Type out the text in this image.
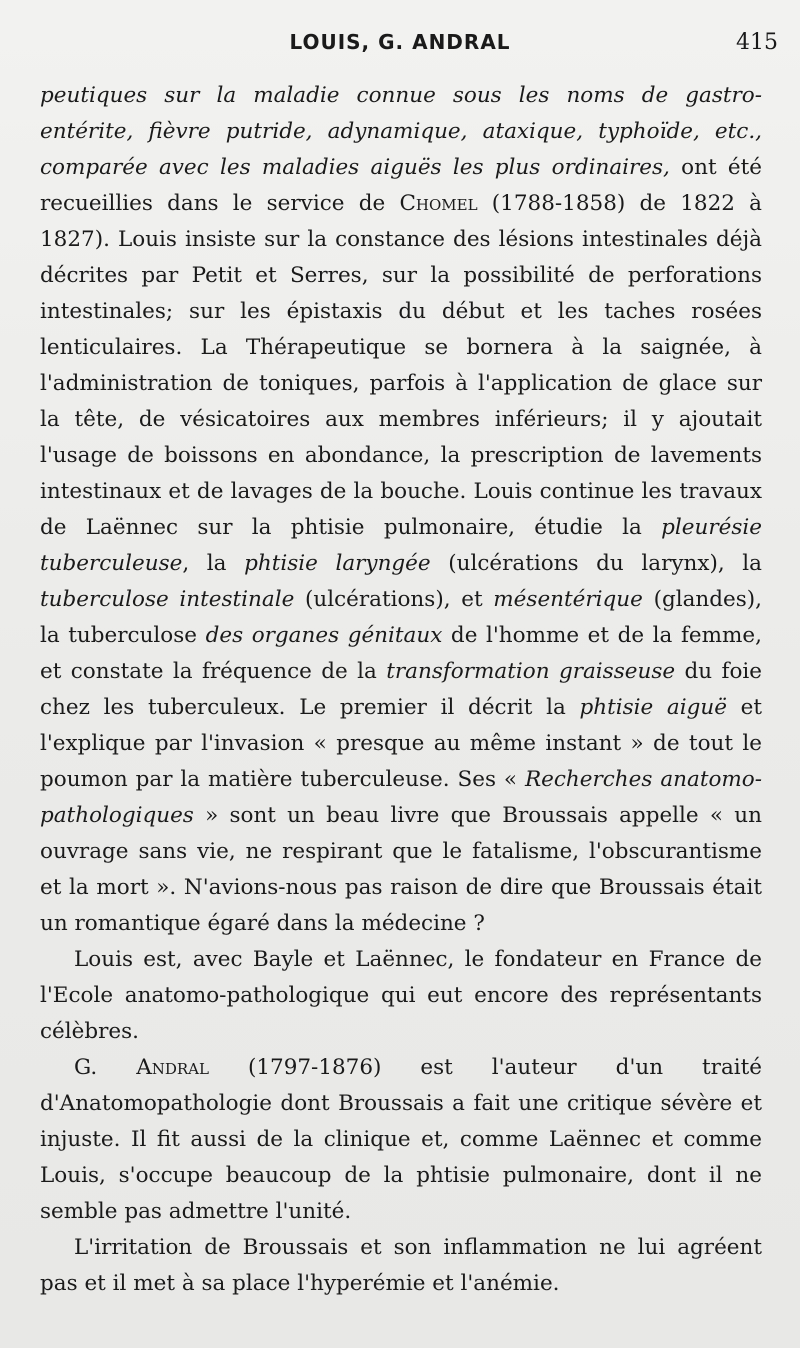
LOUIS, G. ANDRAL	415

peutiques sur la maladie connue sous les noms de gastro-entérite, fièvre putride, adynamique, ataxique, typhoïde, etc., comparée avec les maladies aiguës les plus ordinaires, ont été recueillies dans le service de Chomel (1788-1858) de 1822 à 1827). Louis insiste sur la constance des lésions intestinales déjà décrites par Petit et Serres, sur la possibilité de perforations intestinales; sur les épistaxis du début et les taches rosées lenticulaires. La Thérapeutique se bornera à la saignée, à l'administration de toniques, parfois à l'application de glace sur la tête, de vésicatoires aux membres inférieurs; il y ajoutait l'usage de boissons en abondance, la prescription de lavements intestinaux et de lavages de la bouche. Louis continue les travaux de Laënnec sur la phtisie pulmonaire, étudie la pleurésie tuberculeuse, la phtisie laryngée (ulcérations du larynx), la tuberculose intestinale (ulcérations), et mésentérique (glandes), la tuberculose des organes génitaux de l'homme et de la femme, et constate la fréquence de la transformation graisseuse du foie chez les tuberculeux. Le premier il décrit la phtisie aiguë et l'explique par l'invasion « presque au même instant » de tout le poumon par la matière tuberculeuse. Ses « Recherches anatomo-pathologiques » sont un beau livre que Broussais appelle « un ouvrage sans vie, ne respirant que le fatalisme, l'obscurantisme et la mort ». N'avions-nous pas raison de dire que Broussais était un romantique égaré dans la médecine ?

Louis est, avec Bayle et Laënnec, le fondateur en France de l'Ecole anatomo-pathologique qui eut encore des représentants célèbres.

G. Andral (1797-1876) est l'auteur d'un traité d'Anatomopathologie dont Broussais a fait une critique sévère et injuste. Il fit aussi de la clinique et, comme Laënnec et comme Louis, s'occupe beaucoup de la phtisie pulmonaire, dont il ne semble pas admettre l'unité.

L'irritation de Broussais et son inflammation ne lui agréent pas et il met à sa place l'hyperémie et l'anémie.
